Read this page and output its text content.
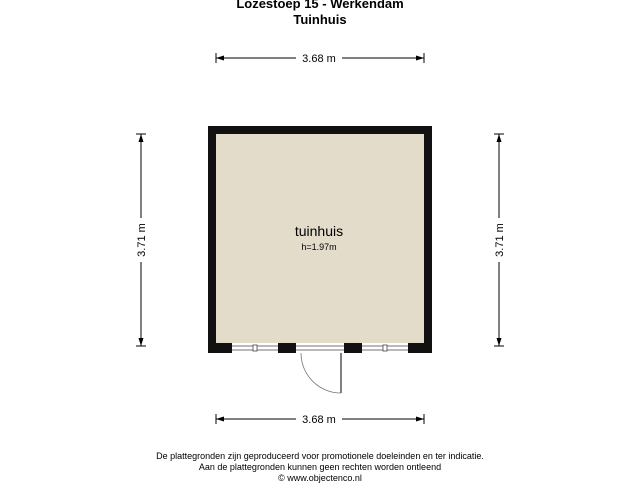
Lozestoep 15 - Werkendam
Tuinhuis
3.68 m
3.68 m
3.71 m	3.71 m
tuinhuis
h=1.97m
De plattegronden zijn geproduceerd voor promotionele doeleinden en ter indicatie.
Aan de plattegronden kunnen geen rechten worden ontleend
© www.objectenco.nl
